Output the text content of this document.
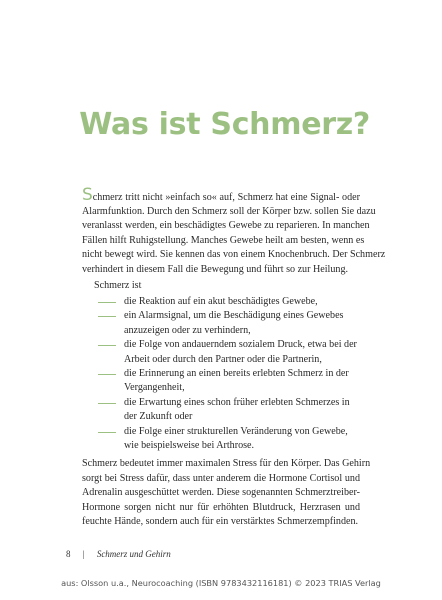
Was ist Schmerz?
Schmerz tritt nicht »einfach so« auf, Schmerz hat eine Signal- oder
Alarmfunktion. Durch den Schmerz soll der Körper bzw. sollen Sie dazu
veranlasst werden, ein beschädigtes Gewebe zu reparieren. In manchen
Fällen hilft Ruhigstellung. Manches Gewebe heilt am besten, wenn es
nicht bewegt wird. Sie kennen das von einem Knochenbruch. Der Schmerz
verhindert in diesem Fall die Bewegung und führt so zur Heilung.
Schmerz ist
die Reaktion auf ein akut beschädigtes Gewebe,
ein Alarmsignal, um die Beschädigung eines Gewebes anzuzeigen oder zu verhindern,
die Folge von andauerndem sozialem Druck, etwa bei der Arbeit oder durch den Partner oder die Partnerin,
die Erinnerung an einen bereits erlebten Schmerz in der Vergangenheit,
die Erwartung eines schon früher erlebten Schmerzes in der Zukunft oder
die Folge einer strukturellen Veränderung von Gewebe, wie beispielsweise bei Arthrose.
Schmerz bedeutet immer maximalen Stress für den Körper. Das Gehirn
sorgt bei Stress dafür, dass unter anderem die Hormone Cortisol und
Adrenalin ausgeschüttet werden. Diese sogenannten Schmerztreiber-
Hormone sorgen nicht nur für erhöhten Blutdruck, Herzrasen und
feuchte Hände, sondern auch für ein verstärktes Schmerzempfinden.
8 | Schmerz und Gehirn
aus: Olsson u.a., Neurocoaching (ISBN 9783432116181) © 2023 TRIAS Verlag
